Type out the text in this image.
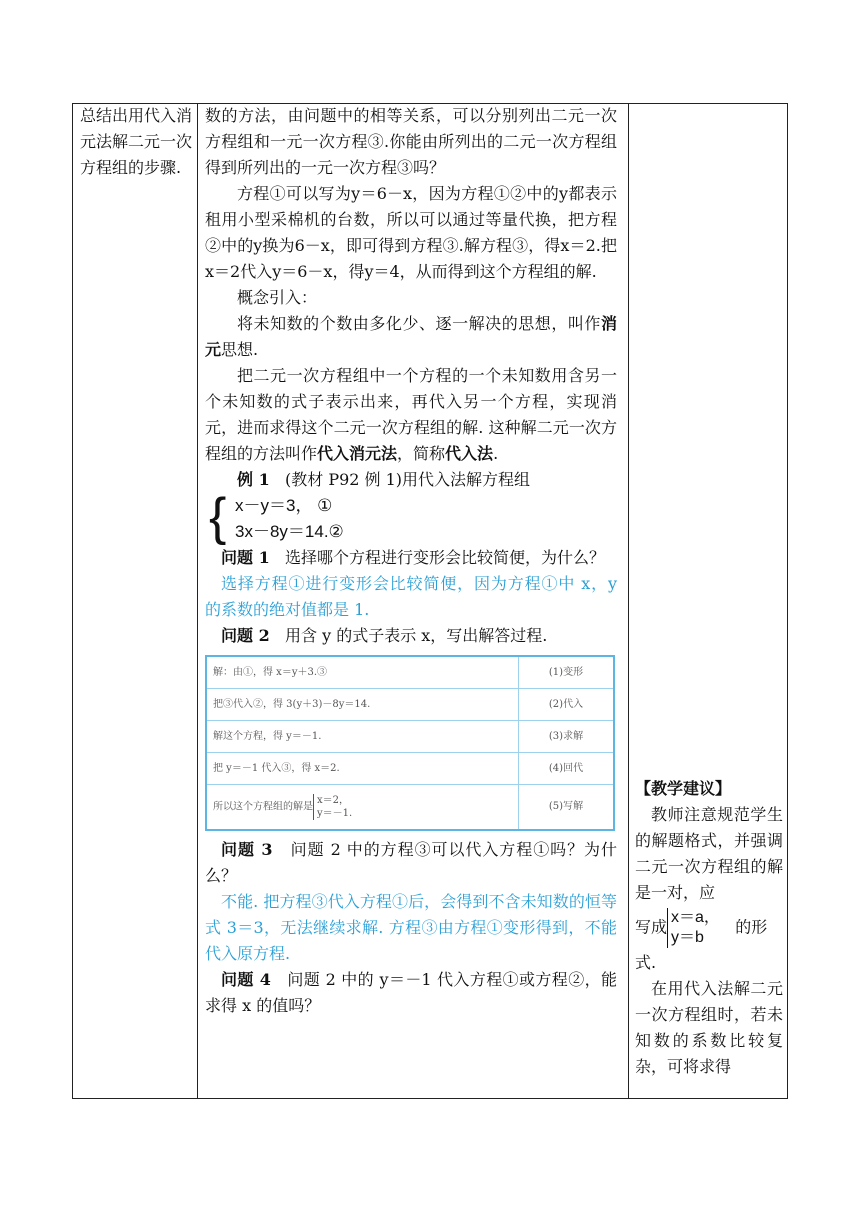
总结出用代入消元法解二元一次方程组的步骤.

数的方法，由问题中的相等关系，可以分别列出二元一次方程组和一元一次方程③.你能由所列出的二元一次方程组得到所列出的一元一次方程③吗？

方程①可以写为y＝6－x，因为方程①②中的y都表示租用小型采棉机的台数，所以可以通过等量代换，把方程②中的y换为6－x，即可得到方程③.解方程③，得x＝2.把x＝2代入y＝6－x，得y＝4，从而得到这个方程组的解.

概念引入：

将未知数的个数由多化少、逐一解决的思想，叫作消元思想.

把二元一次方程组中一个方程的一个未知数用含另一个未知数的式子表示出来，再代入另一个方程，实现消元，进而求得这个二元一次方程组的解. 这种解二元一次方程组的方法叫作代入消元法，简称代入法.

例 1 (教材 P92 例 1)用代入法解方程组

{ x－y＝3， ①
3x－8y＝14.②

问题 1 选择哪个方程进行变形会比较简便，为什么？

选择方程①进行变形会比较简便，因为方程①中 x，y 的系数的绝对值都是 1.

问题 2 用含 y 的式子表示 x，写出解答过程.

解：由①，得 x＝y＋3.③	(1)变形
把③代入②，得 3(y＋3)－8y＝14.	(2)代入
解这个方程，得 y＝－1.	(3)求解
把 y＝－1 代入③，得 x＝2.	(4)回代
所以这个方程组的解是x＝2，
y＝－1.	(5)写解

问题 3 问题 2 中的方程③可以代入方程①吗？为什么？

不能. 把方程③代入方程①后，会得到不含未知数的恒等式 3＝3，无法继续求解. 方程③由方程①变形得到，不能代入原方程.

问题 4 问题 2 中的 y＝－1 代入方程①或方程②，能求得 x 的值吗？

【教学建议】

教师注意规范学生的解题格式，并强调二元一次方程组的解是一对，应

写成 x＝a，
y＝b   的形

式.

在用代入法解二元一次方程组时，若未知数的系数比较复杂，可将求得
